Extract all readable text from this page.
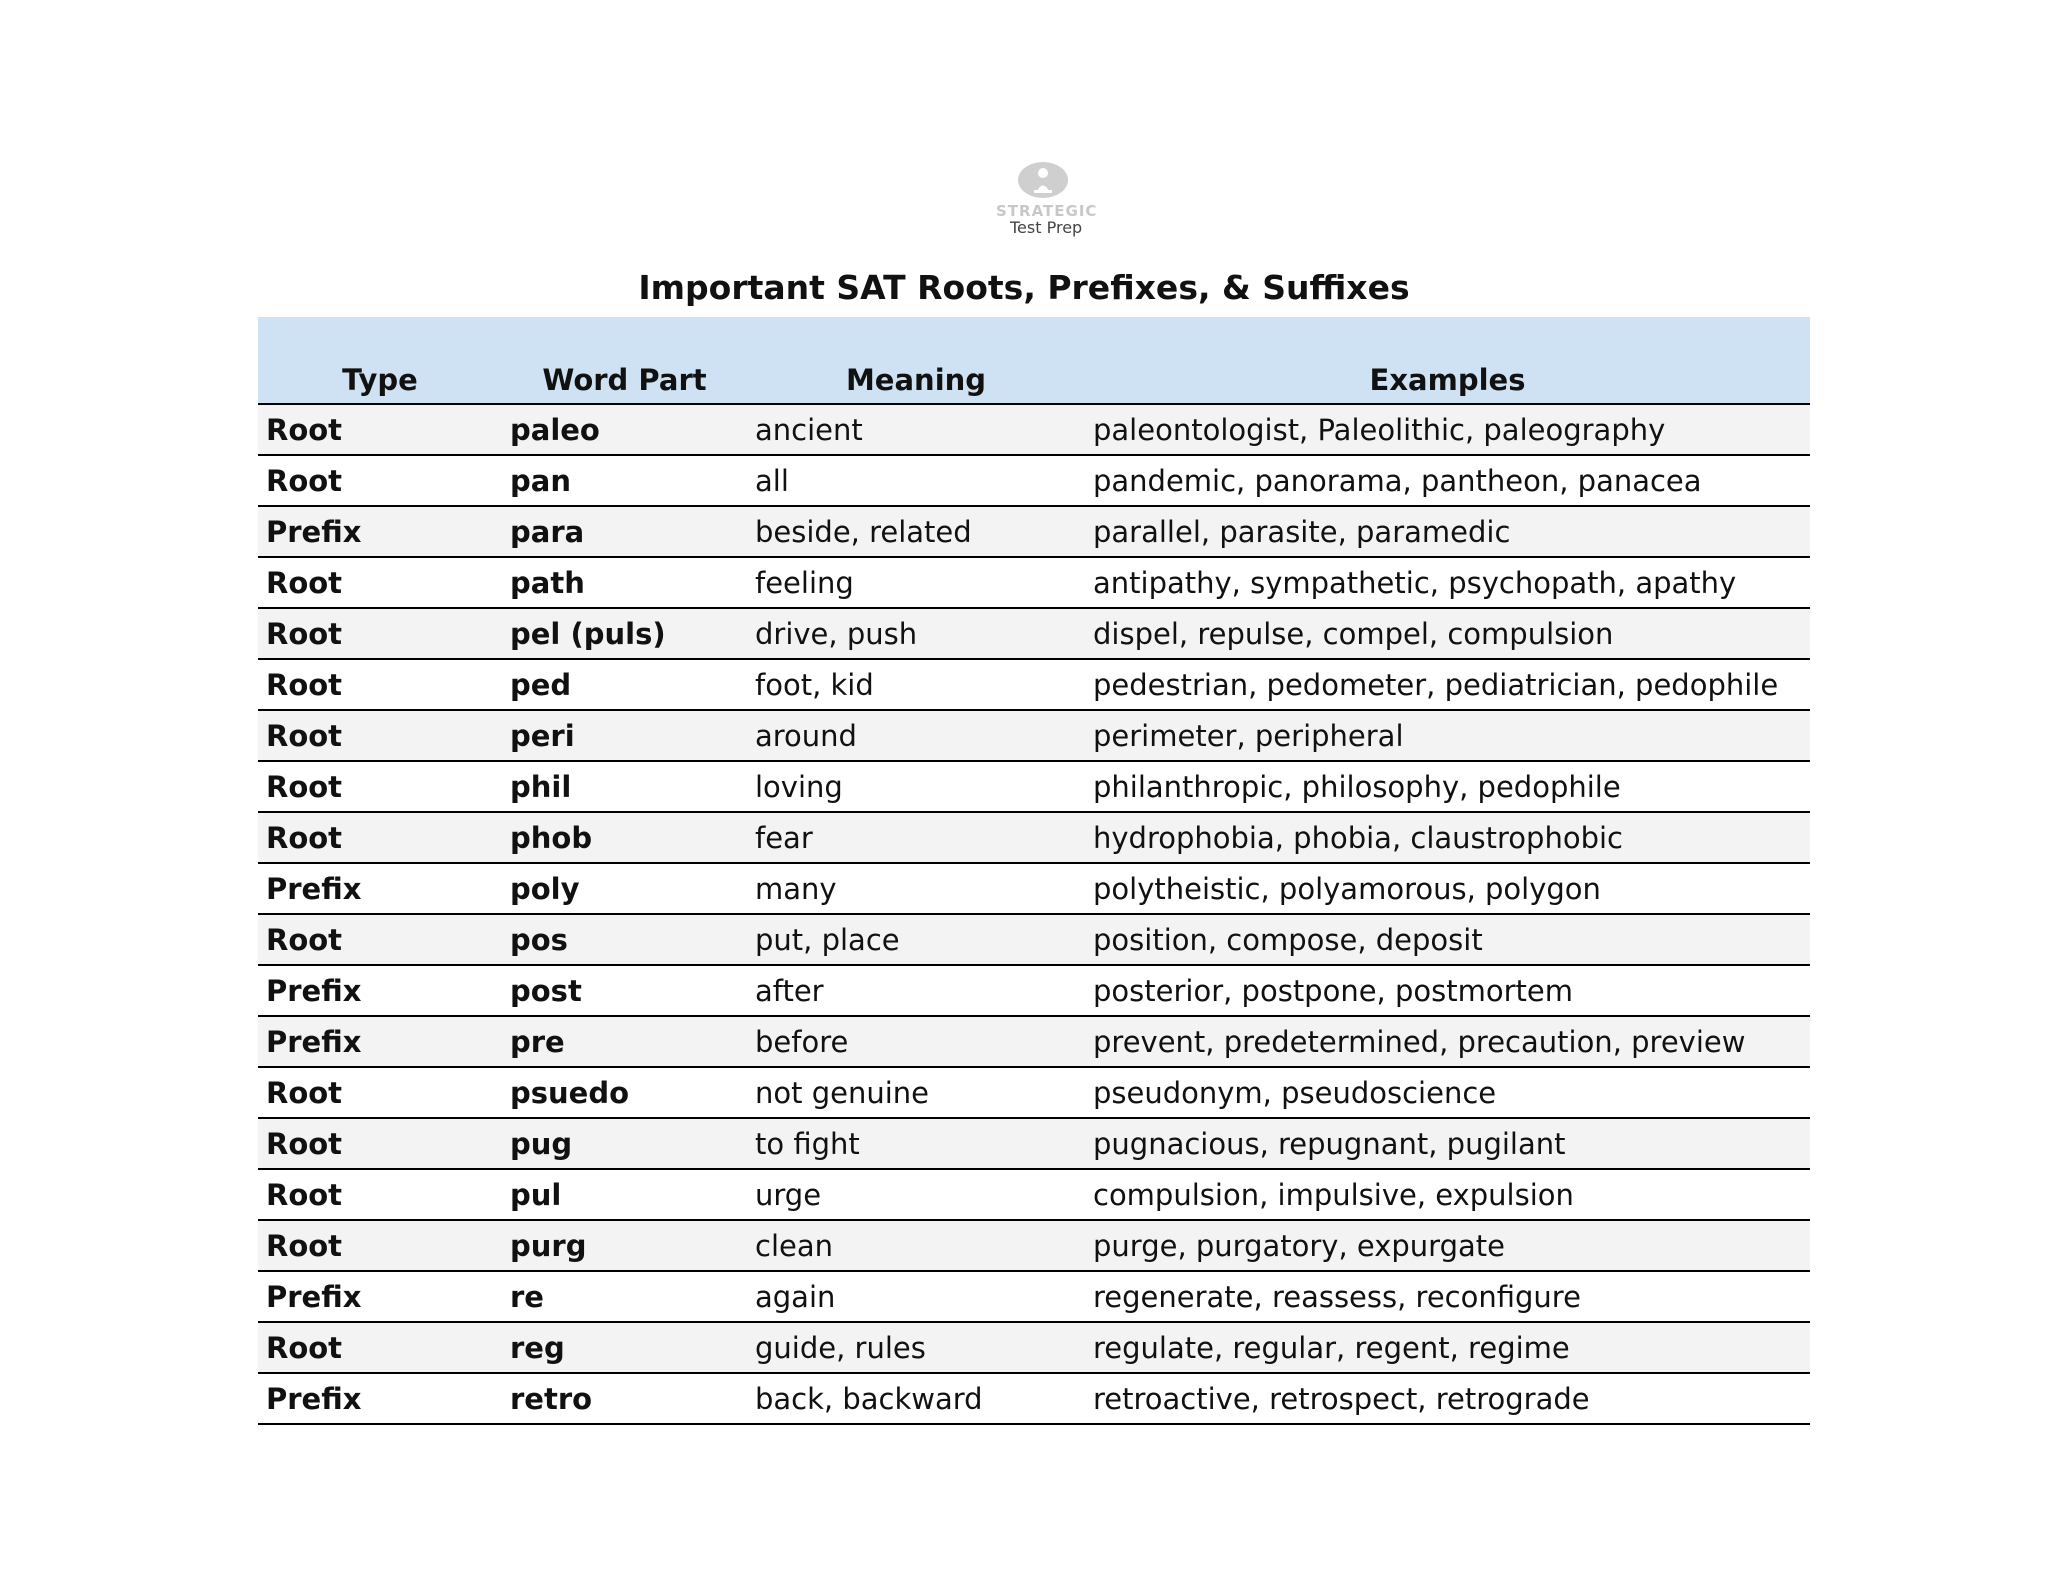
STRATEGIC
Test Prep
Important SAT Roots, Prefixes, & Suffixes
Type	Word Part	Meaning	Examples
Root	paleo	ancient	paleontologist, Paleolithic, paleography
Root	pan	all	pandemic, panorama, pantheon, panacea
Prefix	para	beside, related	parallel, parasite, paramedic
Root	path	feeling	antipathy, sympathetic, psychopath, apathy
Root	pel (puls)	drive, push	dispel, repulse, compel, compulsion
Root	ped	foot, kid	pedestrian, pedometer, pediatrician, pedophile
Root	peri	around	perimeter, peripheral
Root	phil	loving	philanthropic, philosophy, pedophile
Root	phob	fear	hydrophobia, phobia, claustrophobic
Prefix	poly	many	polytheistic, polyamorous, polygon
Root	pos	put, place	position, compose, deposit
Prefix	post	after	posterior, postpone, postmortem
Prefix	pre	before	prevent, predetermined, precaution, preview
Root	psuedo	not genuine	pseudonym, pseudoscience
Root	pug	to fight	pugnacious, repugnant, pugilant
Root	pul	urge	compulsion, impulsive, expulsion
Root	purg	clean	purge, purgatory, expurgate
Prefix	re	again	regenerate, reassess, reconfigure
Root	reg	guide, rules	regulate, regular, regent, regime
Prefix	retro	back, backward	retroactive, retrospect, retrograde
